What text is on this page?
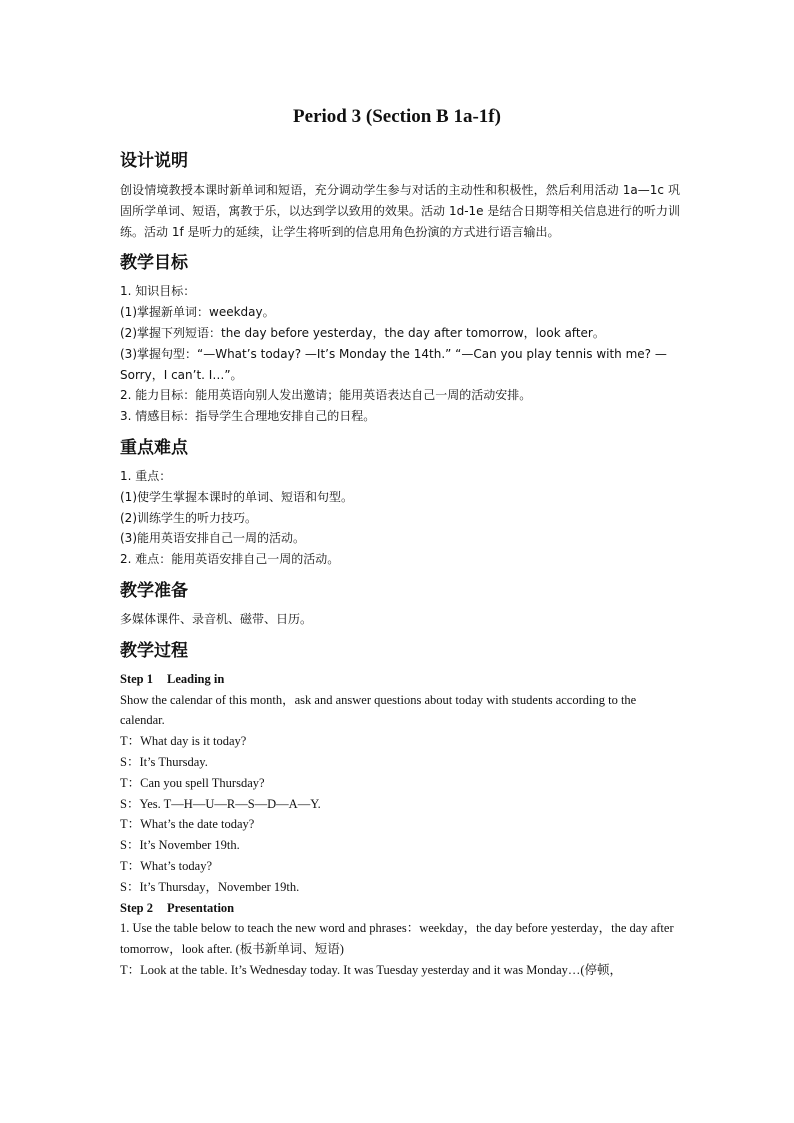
Period 3 (Section B 1a-1f)
设计说明

创设情境教授本课时新单词和短语，充分调动学生参与对话的主动性和积极性，然后利用活动 1a—1c 巩固所学单词、短语，寓教于乐，以达到学以致用的效果。活动 1d-1e 是结合日期等相关信息进行的听力训练。活动 1f 是听力的延续，让学生将听到的信息用角色扮演的方式进行语言输出。

教学目标

1. 知识目标：

(1)掌握新单词：weekday。

(2)掌握下列短语：the day before yesterday，the day after tomorrow，look after。

(3)掌握句型：“—What’s today? —It’s Monday the 14th.” “—Can you play tennis with me? —Sorry，I can’t. I…”。

2. 能力目标：能用英语向别人发出邀请；能用英语表达自己一周的活动安排。

3. 情感目标：指导学生合理地安排自己的日程。

重点难点

1. 重点：

(1)使学生掌握本课时的单词、短语和句型。

(2)训练学生的听力技巧。

(3)能用英语安排自己一周的活动。

2. 难点：能用英语安排自己一周的活动。

教学准备

多媒体课件、录音机、磁带、日历。

教学过程

Step 1 Leading in

Show the calendar of this month，ask and answer questions about today with students according to the calendar.

T：What day is it today?

S：It’s Thursday.

T：Can you spell Thursday?

S：Yes. T—H—U—R—S—D—A—Y.

T：What’s the date today?

S：It’s November 19th.

T：What’s today?

S：It’s Thursday，November 19th.

Step 2 Presentation

1. Use the table below to teach the new word and phrases：weekday，the day before yesterday，the day after tomorrow，look after. (板书新单词、短语)

T：Look at the table. It’s Wednesday today. It was Tuesday yesterday and it was Monday…(停顿，
